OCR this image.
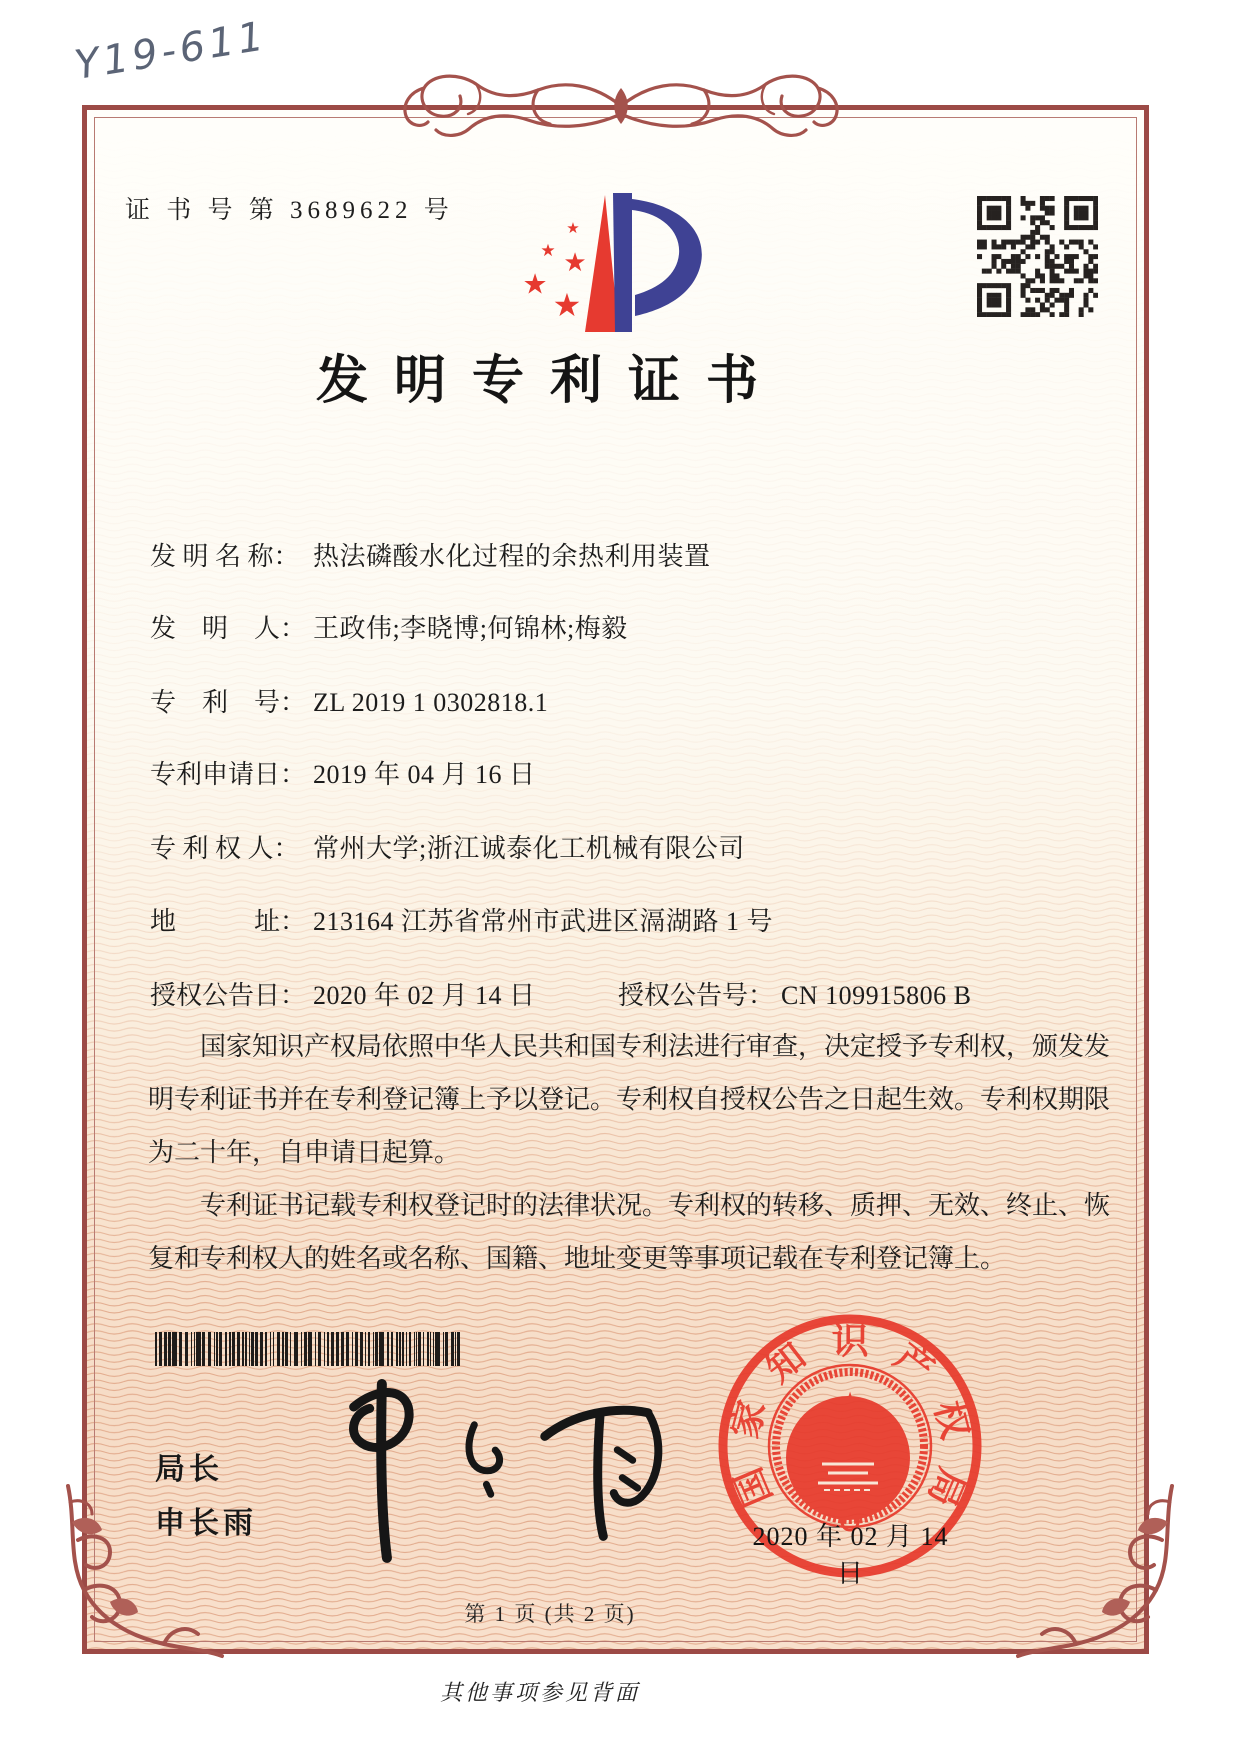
Y19-611
证 书 号 第 3689622 号
★
★ ★
★
★
发明专利证书
发 明 名 称： 热法磷酸水化过程的余热利用装置
发　明　人： 王政伟;李晓博;何锦林;梅毅
专　利　号： ZL 2019 1 0302818.1
专利申请日： 2019 年 04 月 16 日
专 利 权 人： 常州大学;浙江诚泰化工机械有限公司
地　　　址： 213164 江苏省常州市武进区滆湖路 1 号
授权公告日： 2020 年 02 月 14 日	授权公告号： CN 109915806 B

国家知识产权局依照中华人民共和国专利法进行审查，决定授予专利权，颁发发明专利证书并在专利登记簿上予以登记。专利权自授权公告之日起生效。专利权期限为二十年，自申请日起算。

专利证书记载专利权登记时的法律状况。专利权的转移、质押、无效、终止、恢复和专利权人的姓名或名称、国籍、地址变更等事项记载在专利登记簿上。

局长
申长雨
★
★ ★
★ ★
国
家
知 识 产
权
局
2020 年 02 月 14 日
第 1 页 (共 2 页)
其他事项参见背面
